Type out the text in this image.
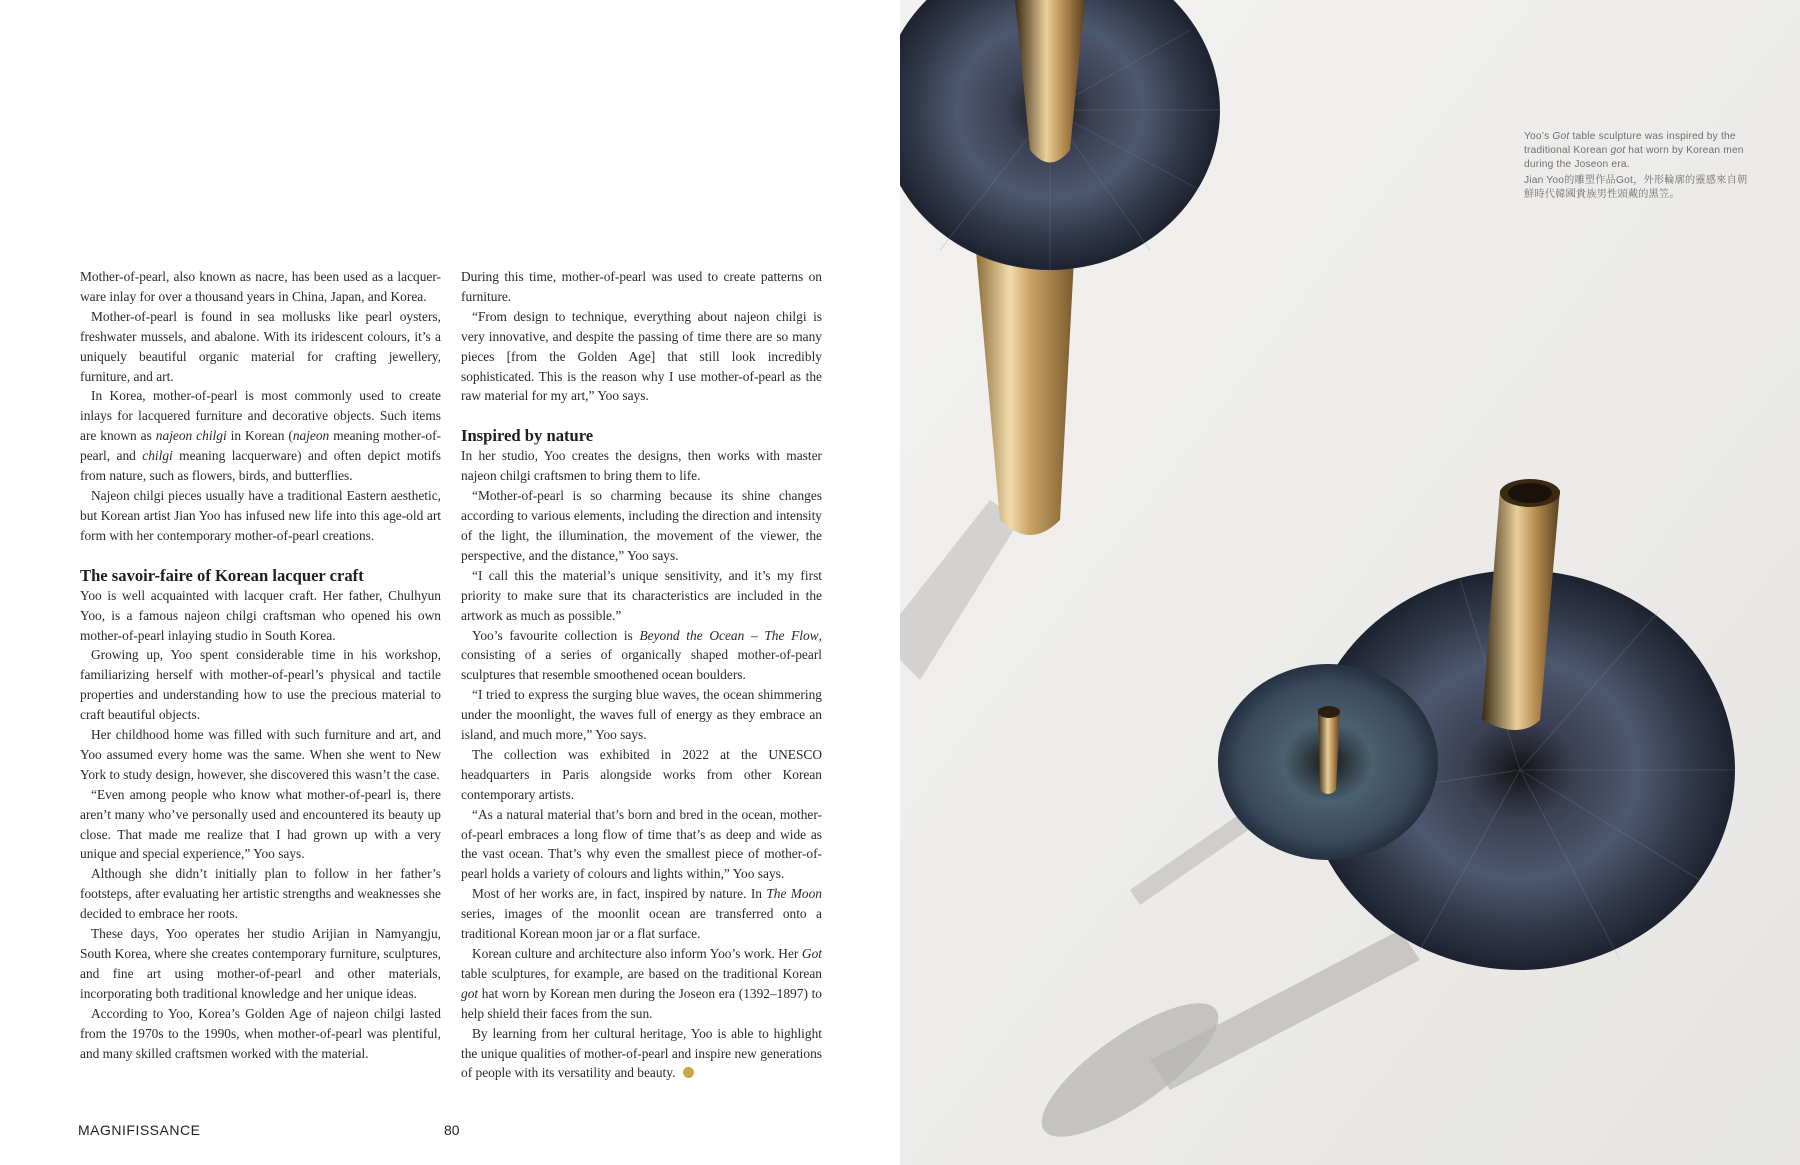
Mother-of-pearl, also known as nacre, has been used as a lacquer-ware inlay for over a thousand years in China, Japan, and Korea.

Mother-of-pearl is found in sea mollusks like pearl oysters, freshwater mussels, and abalone. With its iridescent colours, it’s a uniquely beautiful organic material for crafting jewellery, furniture, and art.

In Korea, mother-of-pearl is most commonly used to create inlays for lacquered furniture and decorative objects. Such items are known as najeon chilgi in Korean (najeon meaning mother-of-pearl, and chilgi meaning lacquerware) and often depict motifs from nature, such as flowers, birds, and butterflies.

Najeon chilgi pieces usually have a traditional Eastern aesthetic, but Korean artist Jian Yoo has infused new life into this age-old art form with her contemporary mother-of-pearl creations.

The savoir-faire of Korean lacquer craft

Yoo is well acquainted with lacquer craft. Her father, Chulhyun Yoo, is a famous najeon chilgi craftsman who opened his own mother-of-pearl inlaying studio in South Korea.

Growing up, Yoo spent considerable time in his workshop, familiarizing herself with mother-of-pearl’s physical and tactile properties and understanding how to use the precious material to craft beautiful objects.

Her childhood home was filled with such furniture and art, and Yoo assumed every home was the same. When she went to New York to study design, however, she discovered this wasn’t the case.

“Even among people who know what mother-of-pearl is, there aren’t many who’ve personally used and encountered its beauty up close. That made me realize that I had grown up with a very unique and special experience,” Yoo says.

Although she didn’t initially plan to follow in her father’s footsteps, after evaluating her artistic strengths and weaknesses she decided to embrace her roots.

These days, Yoo operates her studio Arijian in Namyangju, South Korea, where she creates contemporary furniture, sculptures, and fine art using mother-of-pearl and other materials, incorporating both traditional knowledge and her unique ideas.

According to Yoo, Korea’s Golden Age of najeon chilgi lasted from the 1970s to the 1990s, when mother-of-pearl was plentiful, and many skilled craftsmen worked with the material.

During this time, mother-of-pearl was used to create patterns on furniture.

“From design to technique, everything about najeon chilgi is very innovative, and despite the passing of time there are so many pieces [from the Golden Age] that still look incredibly sophisticated. This is the reason why I use mother-of-pearl as the raw material for my art,” Yoo says.

Inspired by nature

In her studio, Yoo creates the designs, then works with master najeon chilgi craftsmen to bring them to life.

“Mother-of-pearl is so charming because its shine changes according to various elements, including the direction and intensity of the light, the illumination, the movement of the viewer, the perspective, and the distance,” Yoo says.

“I call this the material’s unique sensitivity, and it’s my first priority to make sure that its characteristics are included in the artwork as much as possible.”

Yoo’s favourite collection is Beyond the Ocean – The Flow, consisting of a series of organically shaped mother-of-pearl sculptures that resemble smoothened ocean boulders.

“I tried to express the surging blue waves, the ocean shimmering under the moonlight, the waves full of energy as they embrace an island, and much more,” Yoo says.

The collection was exhibited in 2022 at the UNESCO headquarters in Paris alongside works from other Korean contemporary artists.

“As a natural material that’s born and bred in the ocean, mother-of-pearl embraces a long flow of time that’s as deep and wide as the vast ocean. That’s why even the smallest piece of mother-of-pearl holds a variety of colours and lights within,” Yoo says.

Most of her works are, in fact, inspired by nature. In The Moon series, images of the moonlit ocean are transferred onto a traditional Korean moon jar or a flat surface.

Korean culture and architecture also inform Yoo’s work. Her Got table sculptures, for example, are based on the traditional Korean got hat worn by Korean men during the Joseon era (1392–1897) to help shield their faces from the sun.

By learning from her cultural heritage, Yoo is able to highlight the unique qualities of mother-of-pearl and inspire new generations of people with its versatility and beauty.

MAGNIFISSANCE	80
Yoo’s Got table sculpture was inspired by the traditional Korean got hat worn by Korean men during the Joseon era.
Jian Yoo的雕塑作品Got，外形輪廓的靈感來自朝鮮時代韓國貴族男性頭戴的黑笠。
